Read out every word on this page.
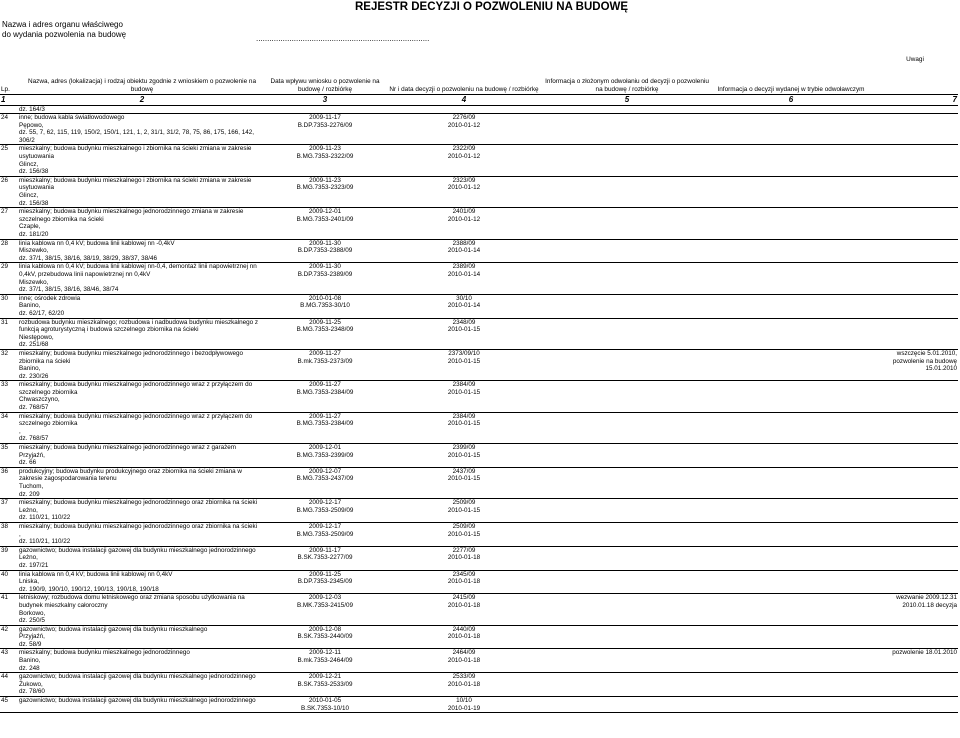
REJESTR DECYZJI O POZWOLENIU NA BUDOWĘ
Nazwa i adres organu właściwego
do wydania pozwolenia na budowę	..............................................................................
Lp.	Nazwa, adres (lokalizacja) i rodzaj obiektu zgodnie z wnioskiem o pozwolenie na budowę	Data wpływu wniosku o pozwolenie na budowę / rozbiórkę	Nr i data decyzji o pozwoleniu na budowę / rozbiórkę	Informacja o złożonym odwołaniu od decyzji o pozwoleniu na budowę / rozbiórkę	Informacja o decyzji wydanej w trybie odwoławczym	Uwagi
1	2	3	4	5	6	7
	dz. 164/3					
24	inne; budowa kabla światłowodowego
Pępowo,
dz. 55, 7, 62, 115, 119, 150/2, 150/1, 121, 1, 2, 31/1, 31/2, 78, 75, 86, 175, 166, 142, 306/2	2009-11-17
B.DP.7353-2276/09	2276/09
2010-01-12			
25	mieszkalny; budowa budynku mieszkalnego i zbiornika na ścieki zmiana w zakresie usytuowania
Glincz,
dz. 156/38	2009-11-23
B.MG.7353-2322/09	2322/09
2010-01-12			
26	mieszkalny; budowa budynku mieszkalnego i zbiornika na ścieki zmiana w zakresie usytuowania
Glincz,
dz. 156/38	2009-11-23
B.MG.7353-2323/09	2323/09
2010-01-12			
27	mieszkalny; budowa budynku mieszkalnego jednorodzinnego zmiana w zakresie szczelnego zbiornika na ścieki
Czaple,
dz. 181/20	2009-12-01
B.MG.7353-2401/09	2401/09
2010-01-12			
28	linia kablowa nn 0,4 kV; budowa linii kablowej nn -0,4kV
Miszewko,
dz. 37/1, 38/15, 38/16, 38/19, 38/29, 38/37, 38/46	2009-11-30
B.DP.7353-2388/09	2388/09
2010-01-14			
29	linia kablowa nn 0,4 kV; budowa linii kablowej nn-0,4, demontaż linii napowietrznej nn 0,4kV, przebudowa linii napowietrznej nn 0,4kV
Miszewko,
dz. 37/1, 38/15, 38/16, 38/46, 38/74	2009-11-30
B.DP.7353-2389/09	2389/09
2010-01-14			
30	inne; ośrodek zdrowia
Banino,
dz. 62/17, 62/20	2010-01-08
B.MG.7353-30/10	30/10
2010-01-14			
31	rozbudowa budynku mieszkalnego; rozbudowa i nadbudowa budynku mieszkalnego z funkcją agroturystyczną i budowa szczelnego zbiornika na ścieki
Niestępowo,
dz. 251/68	2009-11-25
B.MG.7353-2348/09	2348/09
2010-01-15			
32	mieszkalny; budowa budynku mieszkalnego jednorodzinnego i bezodpływowego zbiornika na ścieki
Banino,
dz. 230/26	2009-11-27
B.mk.7353-2373/09	2373/09/10
2010-01-15			wszczęcie 5.01.2010, pozwolenie na budowę 15.01.2010
33	mieszkalny; budowa budynku mieszkalnego jednorodzinnego wraz z przyłączem do szczelnego zbiornika
Chwaszczyno,
dz. 768/57	2009-11-27
B.MG.7353-2384/09	2384/09
2010-01-15			
34	mieszkalny; budowa budynku mieszkalnego jednorodzinnego wraz z przyłączem do szczelnego zbiornika
,
dz. 768/57	2009-11-27
B.MG.7353-2384/09	2384/09
2010-01-15			
35	mieszkalny; budowa budynku mieszkalnego jednorodzinnego wraz z garażem
Przyjaźń,
dz. 66	2009-12-01
B.MG.7353-2399/09	2399/09
2010-01-15			
36	produkcyjny; budowa budynku produkcyjnego oraz zbiornika na ścieki zmiana w zakresie zagospodarowania terenu
Tuchom,
dz. 209	2009-12-07
B.MG.7353-2437/09	2437/09
2010-01-15			
37	mieszkalny; budowa budynku mieszkalnego jednorodzinnego oraz zbiornika na ścieki
Leżno,
dz. 110/21, 110/22	2009-12-17
B.MG.7353-2509/09	2509/09
2010-01-15			
38	mieszkalny; budowa budynku mieszkalnego jednorodzinnego oraz zbiornika na ścieki
,
dz. 110/21, 110/22	2009-12-17
B.MG.7353-2509/09	2509/09
2010-01-15			
39	gazownictwo; budowa instalacji gazowej dla budynku mieszkalnego jednorodzinnego
Leżno,
dz. 197/21	2009-11-17
B.SK.7353-2277/09	2277/09
2010-01-18			
40	linia kablowa nn 0,4 kV; budowa linii kablowej nn 0,4kV
Lniska,
dz. 190/9, 190/10, 190/12, 190/13, 190/18, 190/18	2009-11-25
B.DP.7353-2345/09	2345/09
2010-01-18			
41	letniskowy; rozbudowa domu letniskowego oraz zmiana sposobu użytkowania na budynek mieszkalny całoroczny
Borkowo,
dz. 250/5	2009-12-03
B.MK.7353-2415/09	2415/09
2010-01-18			wezwanie 2009.12.31 2010.01.18 decyzja
42	gazownictwo; budowa instalacji gazowej dla budynku mieszkalnego
Przyjaźń,
dz. 58/9	2009-12-08
B.SK.7353-2440/09	2440/09
2010-01-18			
43	mieszkalny; budowa budynku mieszkalnego jednorodzinnego
Banino,
dz. 248	2009-12-11
B.mk.7353-2464/09	2464/09
2010-01-18			pozwolenie 18.01.2010
44	gazownictwo; budowa instalacji gazowej dla budynku mieszkalnego jednorodzinnego
Żukowo,
dz. 78/60	2009-12-21
B.SK.7353-2533/09	2533/09
2010-01-18			
45	gazownictwo; budowa instalacji gazowej dla budynku mieszkalnego jednorodzinnego	2010-01-05
B.SK.7353-10/10	10/10
2010-01-19			
